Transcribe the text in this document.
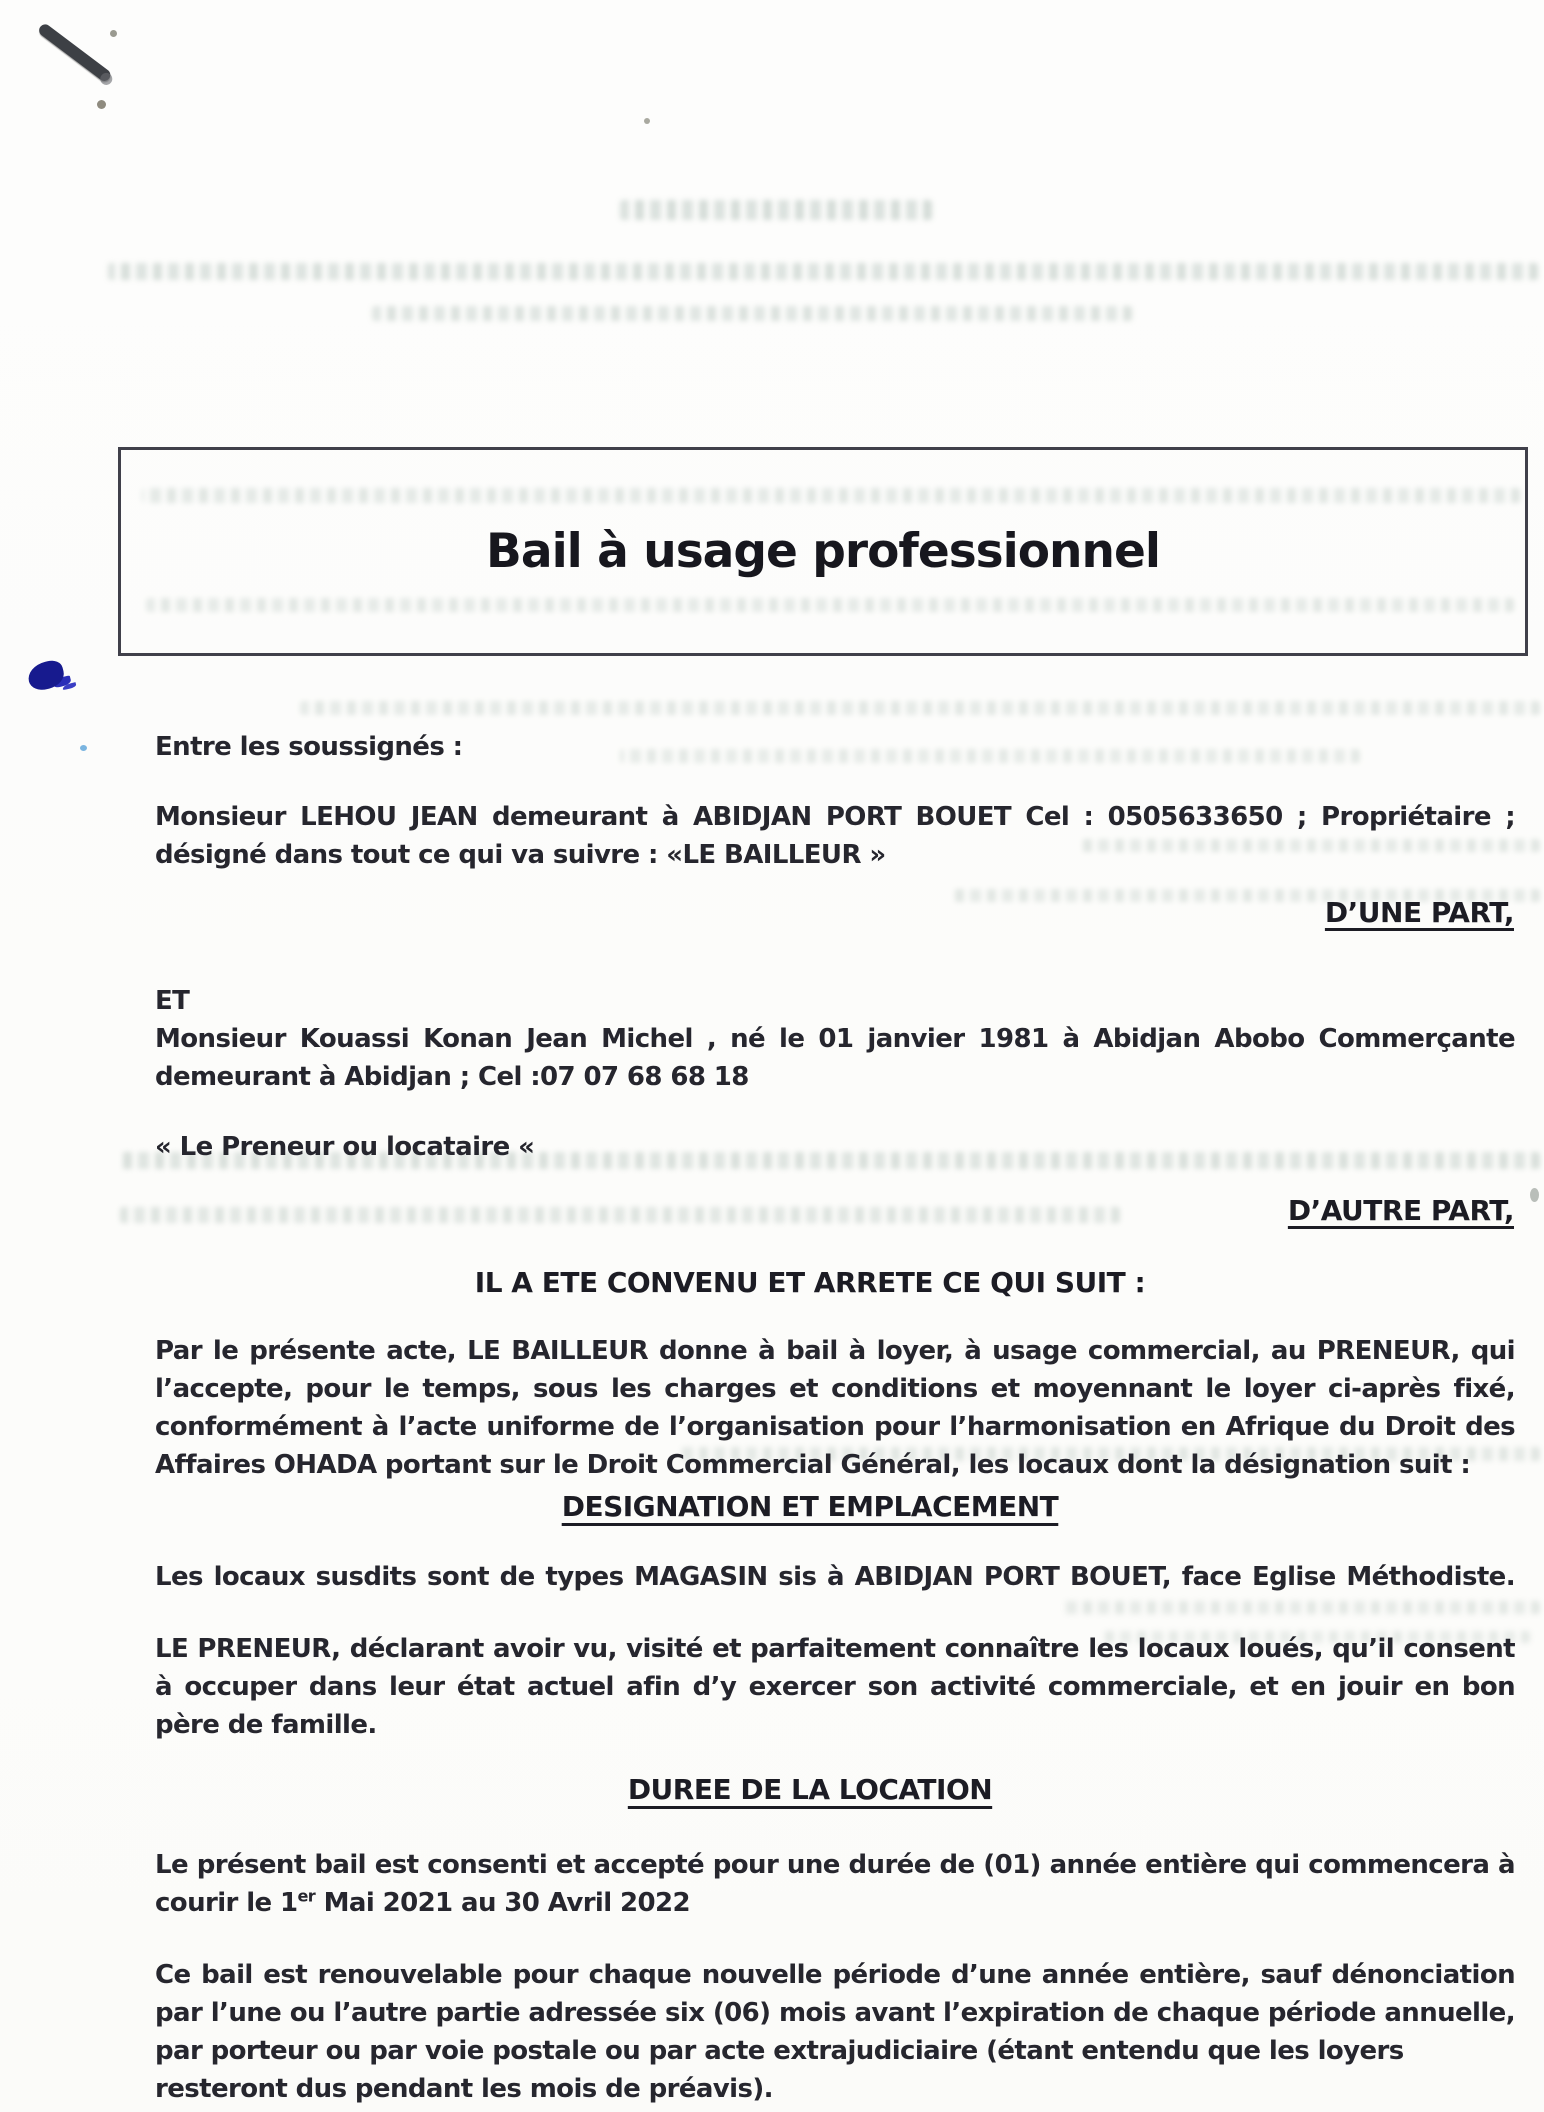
Bail à usage professionnel
Entre les soussignés :
Monsieur LEHOU JEAN demeurant à ABIDJAN PORT BOUET Cel : 0505633650 ; Propriétaire ;
désigné dans tout ce qui va suivre : «LE BAILLEUR »
D’UNE PART,
ET
Monsieur Kouassi Konan Jean Michel , né le 01 janvier 1981 à Abidjan Abobo Commerçante
demeurant à Abidjan ; Cel :07 07 68 68 18
« Le Preneur ou locataire «
D’AUTRE PART,
IL A ETE CONVENU ET ARRETE CE QUI SUIT :
Par le présente acte, LE BAILLEUR donne à bail à loyer, à usage commercial, au PRENEUR, qui
l’accepte, pour le temps, sous les charges et conditions et moyennant le loyer ci-après fixé,
conformément à l’acte uniforme de l’organisation pour l’harmonisation en Afrique du Droit des
Affaires OHADA portant sur le Droit Commercial Général, les locaux dont la désignation suit :
DESIGNATION ET EMPLACEMENT
Les locaux susdits sont de types MAGASIN sis à ABIDJAN PORT BOUET, face Eglise Méthodiste.
LE PRENEUR, déclarant avoir vu, visité et parfaitement connaître les locaux loués, qu’il consent
à occuper dans leur état actuel afin d’y exercer son activité commerciale, et en jouir en bon
père de famille.
DUREE DE LA LOCATION
Le présent bail est consenti et accepté pour une durée de (01) année entière qui commencera à
courir le 1er Mai 2021 au 30 Avril 2022
Ce bail est renouvelable pour chaque nouvelle période d’une année entière, sauf dénonciation
par l’une ou l’autre partie adressée six (06) mois avant l’expiration de chaque période annuelle,
par porteur ou par voie postale ou par acte extrajudiciaire (étant entendu que les loyers
resteront dus pendant les mois de préavis).
